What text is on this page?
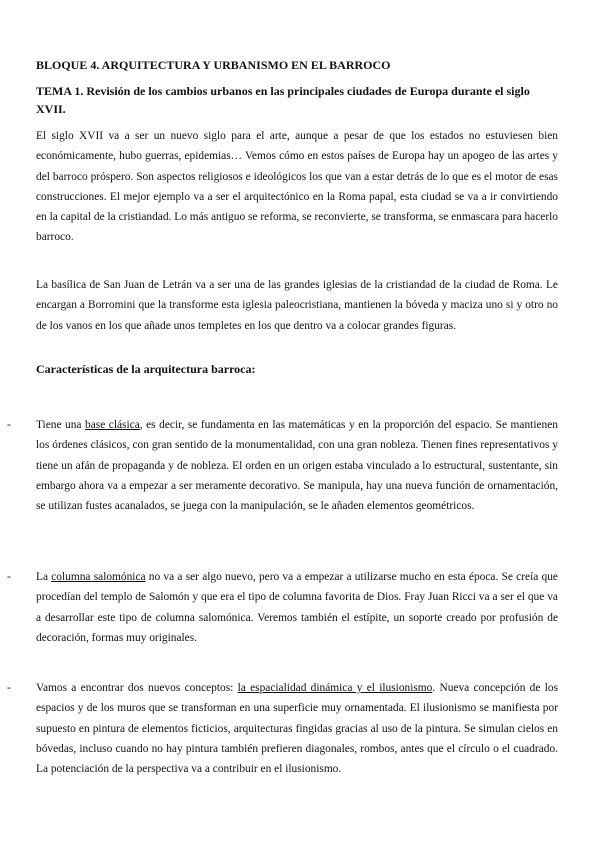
BLOQUE 4. ARQUITECTURA Y URBANISMO EN EL BARROCO
TEMA 1. Revisión de los cambios urbanos en las principales ciudades de Europa durante el siglo XVII.

El siglo XVII va a ser un nuevo siglo para el arte, aunque a pesar de que los estados no estuviesen bien económicamente, hubo guerras, epidemias… Vemos cómo en estos países de Europa hay un apogeo de las artes y del barroco próspero. Son aspectos religiosos e ideológicos los que van a estar detrás de lo que es el motor de esas construcciones. El mejor ejemplo va a ser el arquitectónico en la Roma papal, esta ciudad se va a ir convirtiendo en la capital de la cristiandad. Lo más antiguo se reforma, se reconvierte, se transforma, se enmascara para hacerlo barroco.

La basílica de San Juan de Letrán va a ser una de las grandes iglesias de la cristiandad de la ciudad de Roma. Le encargan a Borromini que la transforme esta iglesia paleocristiana, mantienen la bóveda y maciza uno si y otro no de los vanos en los que añade unos templetes en los que dentro va a colocar grandes figuras.

Características de la arquitectura barroca:
- Tiene una base clásica, es decir, se fundamenta en las matemáticas y en la proporción del espacio. Se mantienen los órdenes clásicos, con gran sentido de la monumentalidad, con una gran nobleza. Tienen fines representativos y tiene un afán de propaganda y de nobleza. El orden en un origen estaba vinculado a lo estructural, sustentante, sin embargo ahora va a empezar a ser meramente decorativo. Se manipula, hay una nueva función de ornamentación, se utilizan fustes acanalados, se juega con la manipulación, se le añaden elementos geométricos.
- La columna salomónica no va a ser algo nuevo, pero va a empezar a utilizarse mucho en esta época. Se creía que procedían del templo de Salomón y que era el tipo de columna favorita de Dios. Fray Juan Ricci va a ser el que va a desarrollar este tipo de columna salomónica. Veremos también el estípite, un soporte creado por profusión de decoración, formas muy originales.
- Vamos a encontrar dos nuevos conceptos: la espacialidad dinámica y el ilusionismo. Nueva concepción de los espacios y de los muros que se transforman en una superficie muy ornamentada. El ilusionismo se manifiesta por supuesto en pintura de elementos ficticios, arquitecturas fingidas gracias al uso de la pintura. Se simulan cielos en bóvedas, incluso cuando no hay pintura también prefieren diagonales, rombos, antes que el círculo o el cuadrado. La potenciación de la perspectiva va a contribuir en el ilusionismo.
